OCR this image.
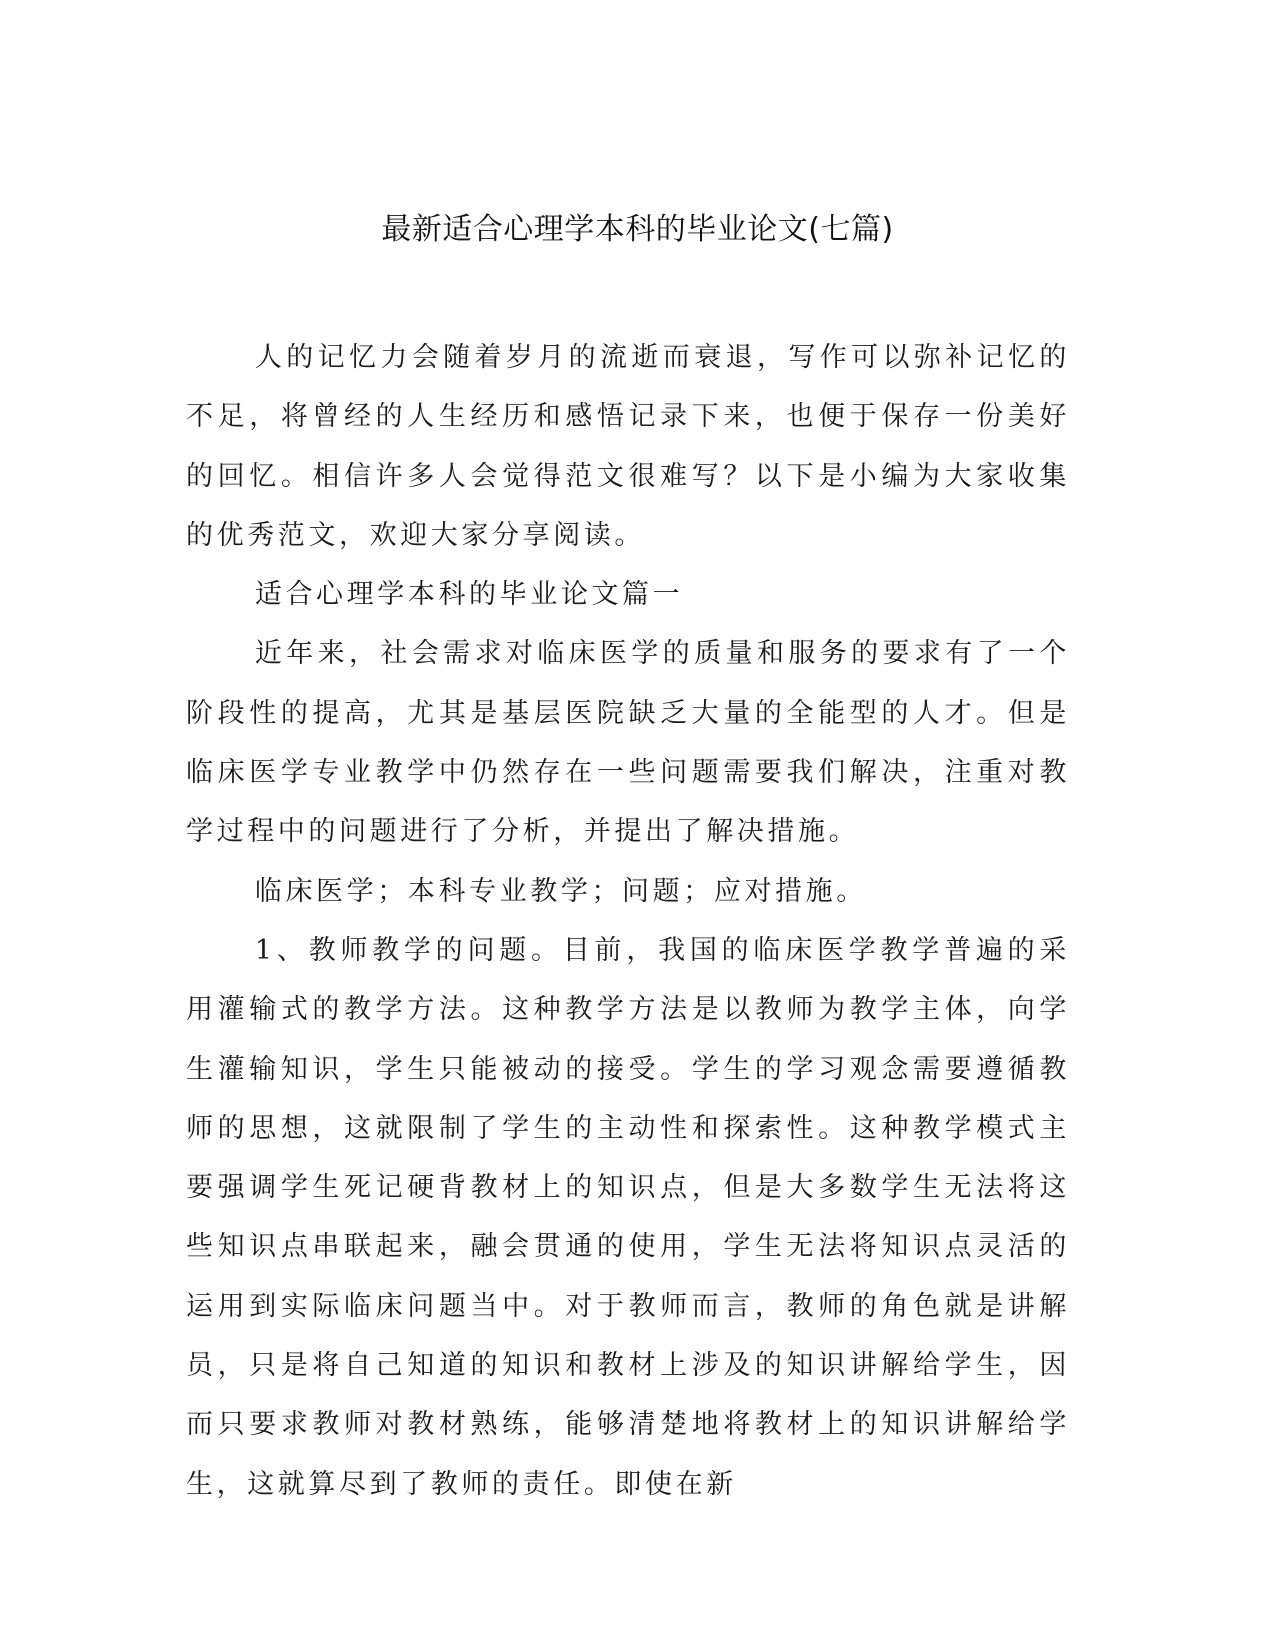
最新适合心理学本科的毕业论文(七篇)

人的记忆力会随着岁月的流逝而衰退，写作可以弥补记忆的不足，将曾经的人生经历和感悟记录下来，也便于保存一份美好的回忆。相信许多人会觉得范文很难写？以下是小编为大家收集的优秀范文，欢迎大家分享阅读。

适合心理学本科的毕业论文篇一

近年来，社会需求对临床医学的质量和服务的要求有了一个阶段性的提高，尤其是基层医院缺乏大量的全能型的人才。但是临床医学专业教学中仍然存在一些问题需要我们解决，注重对教学过程中的问题进行了分析，并提出了解决措施。

临床医学；本科专业教学；问题；应对措施。

1、教师教学的问题。目前，我国的临床医学教学普遍的采用灌输式的教学方法。这种教学方法是以教师为教学主体，向学生灌输知识，学生只能被动的接受。学生的学习观念需要遵循教师的思想，这就限制了学生的主动性和探索性。这种教学模式主要强调学生死记硬背教材上的知识点，但是大多数学生无法将这些知识点串联起来，融会贯通的使用，学生无法将知识点灵活的运用到实际临床问题当中。对于教师而言，教师的角色就是讲解员，只是将自己知道的知识和教材上涉及的知识讲解给学生，因而只要求教师对教材熟练，能够清楚地将教材上的知识讲解给学生，这就算尽到了教师的责任。即使在新
